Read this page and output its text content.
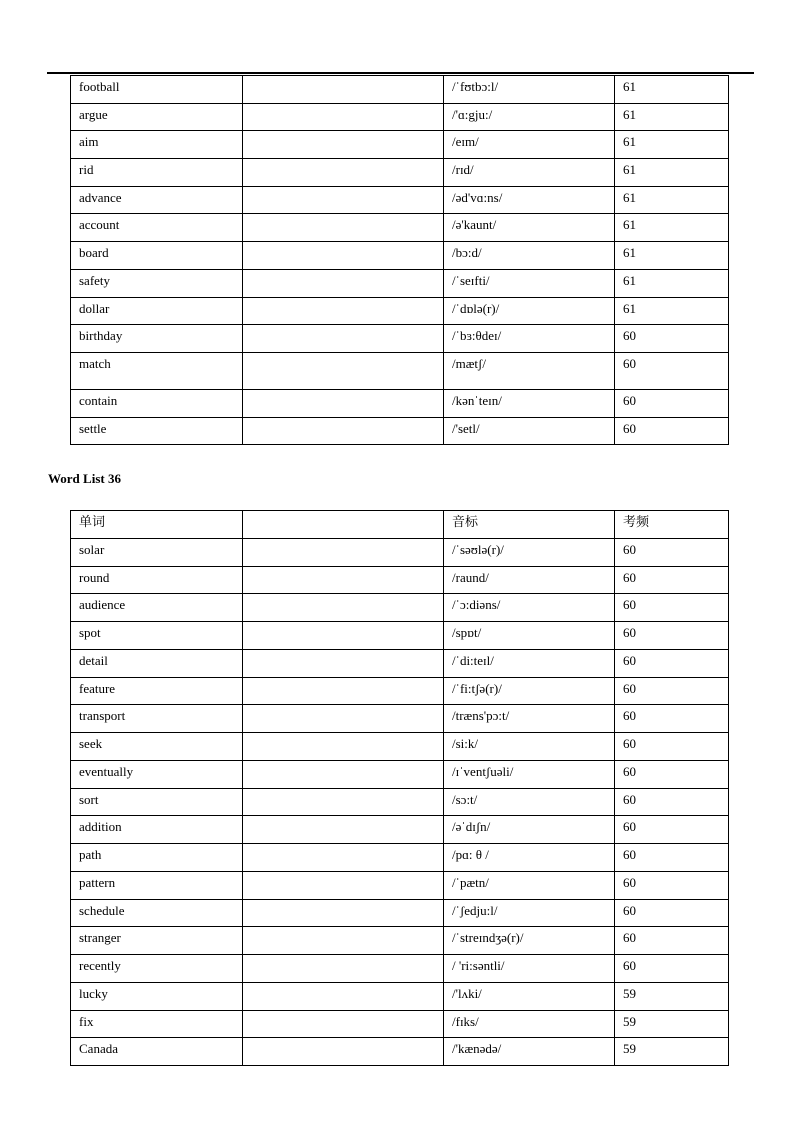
football		/ˈfʊtbɔ:l/	61
argue		/'ɑ:gju:/	61
aim		/eɪm/	61
rid		/rɪd/	61
advance		/əd'vɑ:ns/	61
account		/ə'kaunt/	61
board		/bɔ:d/	61
safety		/ˈseɪfti/	61
dollar		/ˈdɒlə(r)/	61
birthday		/ˈbɜ:θdeɪ/	60
match		/mætʃ/	60
contain		/kənˈteɪn/	60
settle		/'setl/	60
Word List 36
单词		音标	考频
solar		/ˈsəʊlə(r)/	60
round		/raund/	60
audience		/ˈɔ:diəns/	60
spot		/spɒt/	60
detail		/ˈdi:teɪl/	60
feature		/ˈfi:tʃə(r)/	60
transport		/træns'pɔ:t/	60
seek		/si:k/	60
eventually		/ɪˈventʃuəli/	60
sort		/sɔ:t/	60
addition		/əˈdɪʃn/	60
path		/pɑ: θ /	60
pattern		/ˈpætn/	60
schedule		/ˈʃedju:l/	60
stranger		/ˈstreɪndʒə(r)/	60
recently		/ 'ri:səntli/	60
lucky		/'lʌki/	59
fix		/fɪks/	59
Canada		/'kænədə/	59
